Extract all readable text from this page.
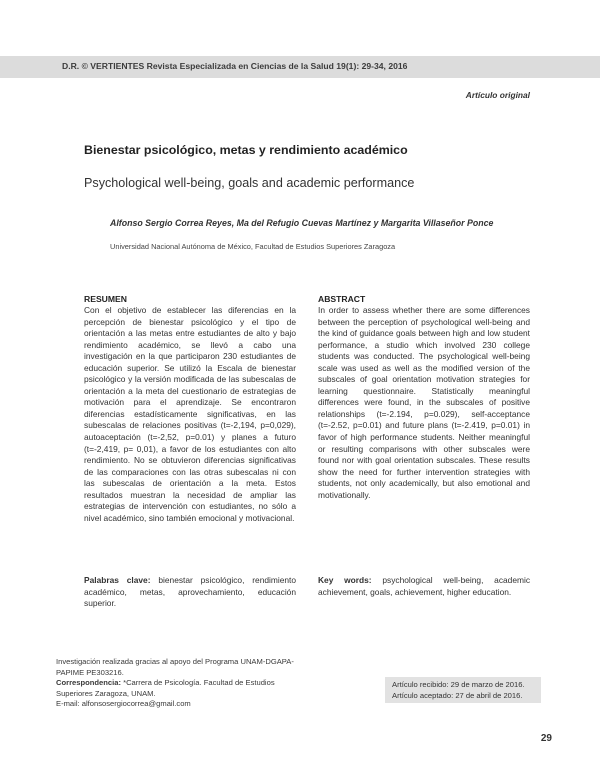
D.R. © VERTIENTES Revista Especializada en Ciencias de la Salud 19(1): 29-34, 2016
Artículo original
Bienestar psicológico, metas y rendimiento académico
Psychological well-being, goals and academic performance
Alfonso Sergio Correa Reyes, Ma del Refugio Cuevas Martínez y Margarita Villaseñor Ponce
Universidad Nacional Autónoma de México, Facultad de Estudios Superiores Zaragoza
RESUMEN
Con el objetivo de establecer las diferencias en la percepción de bienestar psicológico y el tipo de orientación a las metas entre estudiantes de alto y bajo rendimiento académico, se llevó a cabo una investigación en la que participaron 230 estudiantes de educación superior. Se utilizó la Escala de bienestar psicológico y la versión modificada de las subescalas de orientación a la meta del cuestionario de estrategias de motivación para el aprendizaje. Se encontraron diferencias estadísticamente significativas, en las subescalas de relaciones positivas (t=-2,194, p=0,029), autoaceptación (t=-2,52, p=0.01) y planes a futuro (t=-2,419, p= 0,01), a favor de los estudiantes con alto rendimiento. No se obtuvieron diferencias significativas de las comparaciones con las otras subescalas ni con las subescalas de orientación a la meta. Estos resultados muestran la necesidad de ampliar las estrategias de intervención con estudiantes, no sólo a nivel académico, sino también emocional y motivacional.
ABSTRACT
In order to assess whether there are some differences between the perception of psychological well-being and the kind of guidance goals between high and low student performance, a studio which involved 230 college students was conducted. The psychological well-being scale was used as well as the modified version of the subscales of goal orientation motivation strategies for learning questionnaire. Statistically meaningful differences were found, in the subscales of positive relationships (t=-2.194, p=0.029), self-acceptance (t=-2.52, p=0.01) and future plans (t=-2.419, p=0.01) in favor of high performance students. Neither meaningful or resulting comparisons with other subscales were found nor with goal orientation subscales. These results show the need for further intervention strategies with students, not only academically, but also emotional and motivationally.
Palabras clave: bienestar psicológico, rendimiento académico, metas, aprovechamiento, educación superior.
Key words: psychological well-being, academic achievement, goals, achievement, higher education.
Investigación realizada gracias al apoyo del Programa UNAM-DGAPA-PAPIME PE303216.
Correspondencia: *Carrera de Psicología. Facultad de Estudios Superiores Zaragoza, UNAM.
E-mail: alfonsosergiocorrea@gmail.com
Artículo recibido: 29 de marzo de 2016.
Artículo aceptado: 27 de abril de 2016.
29
